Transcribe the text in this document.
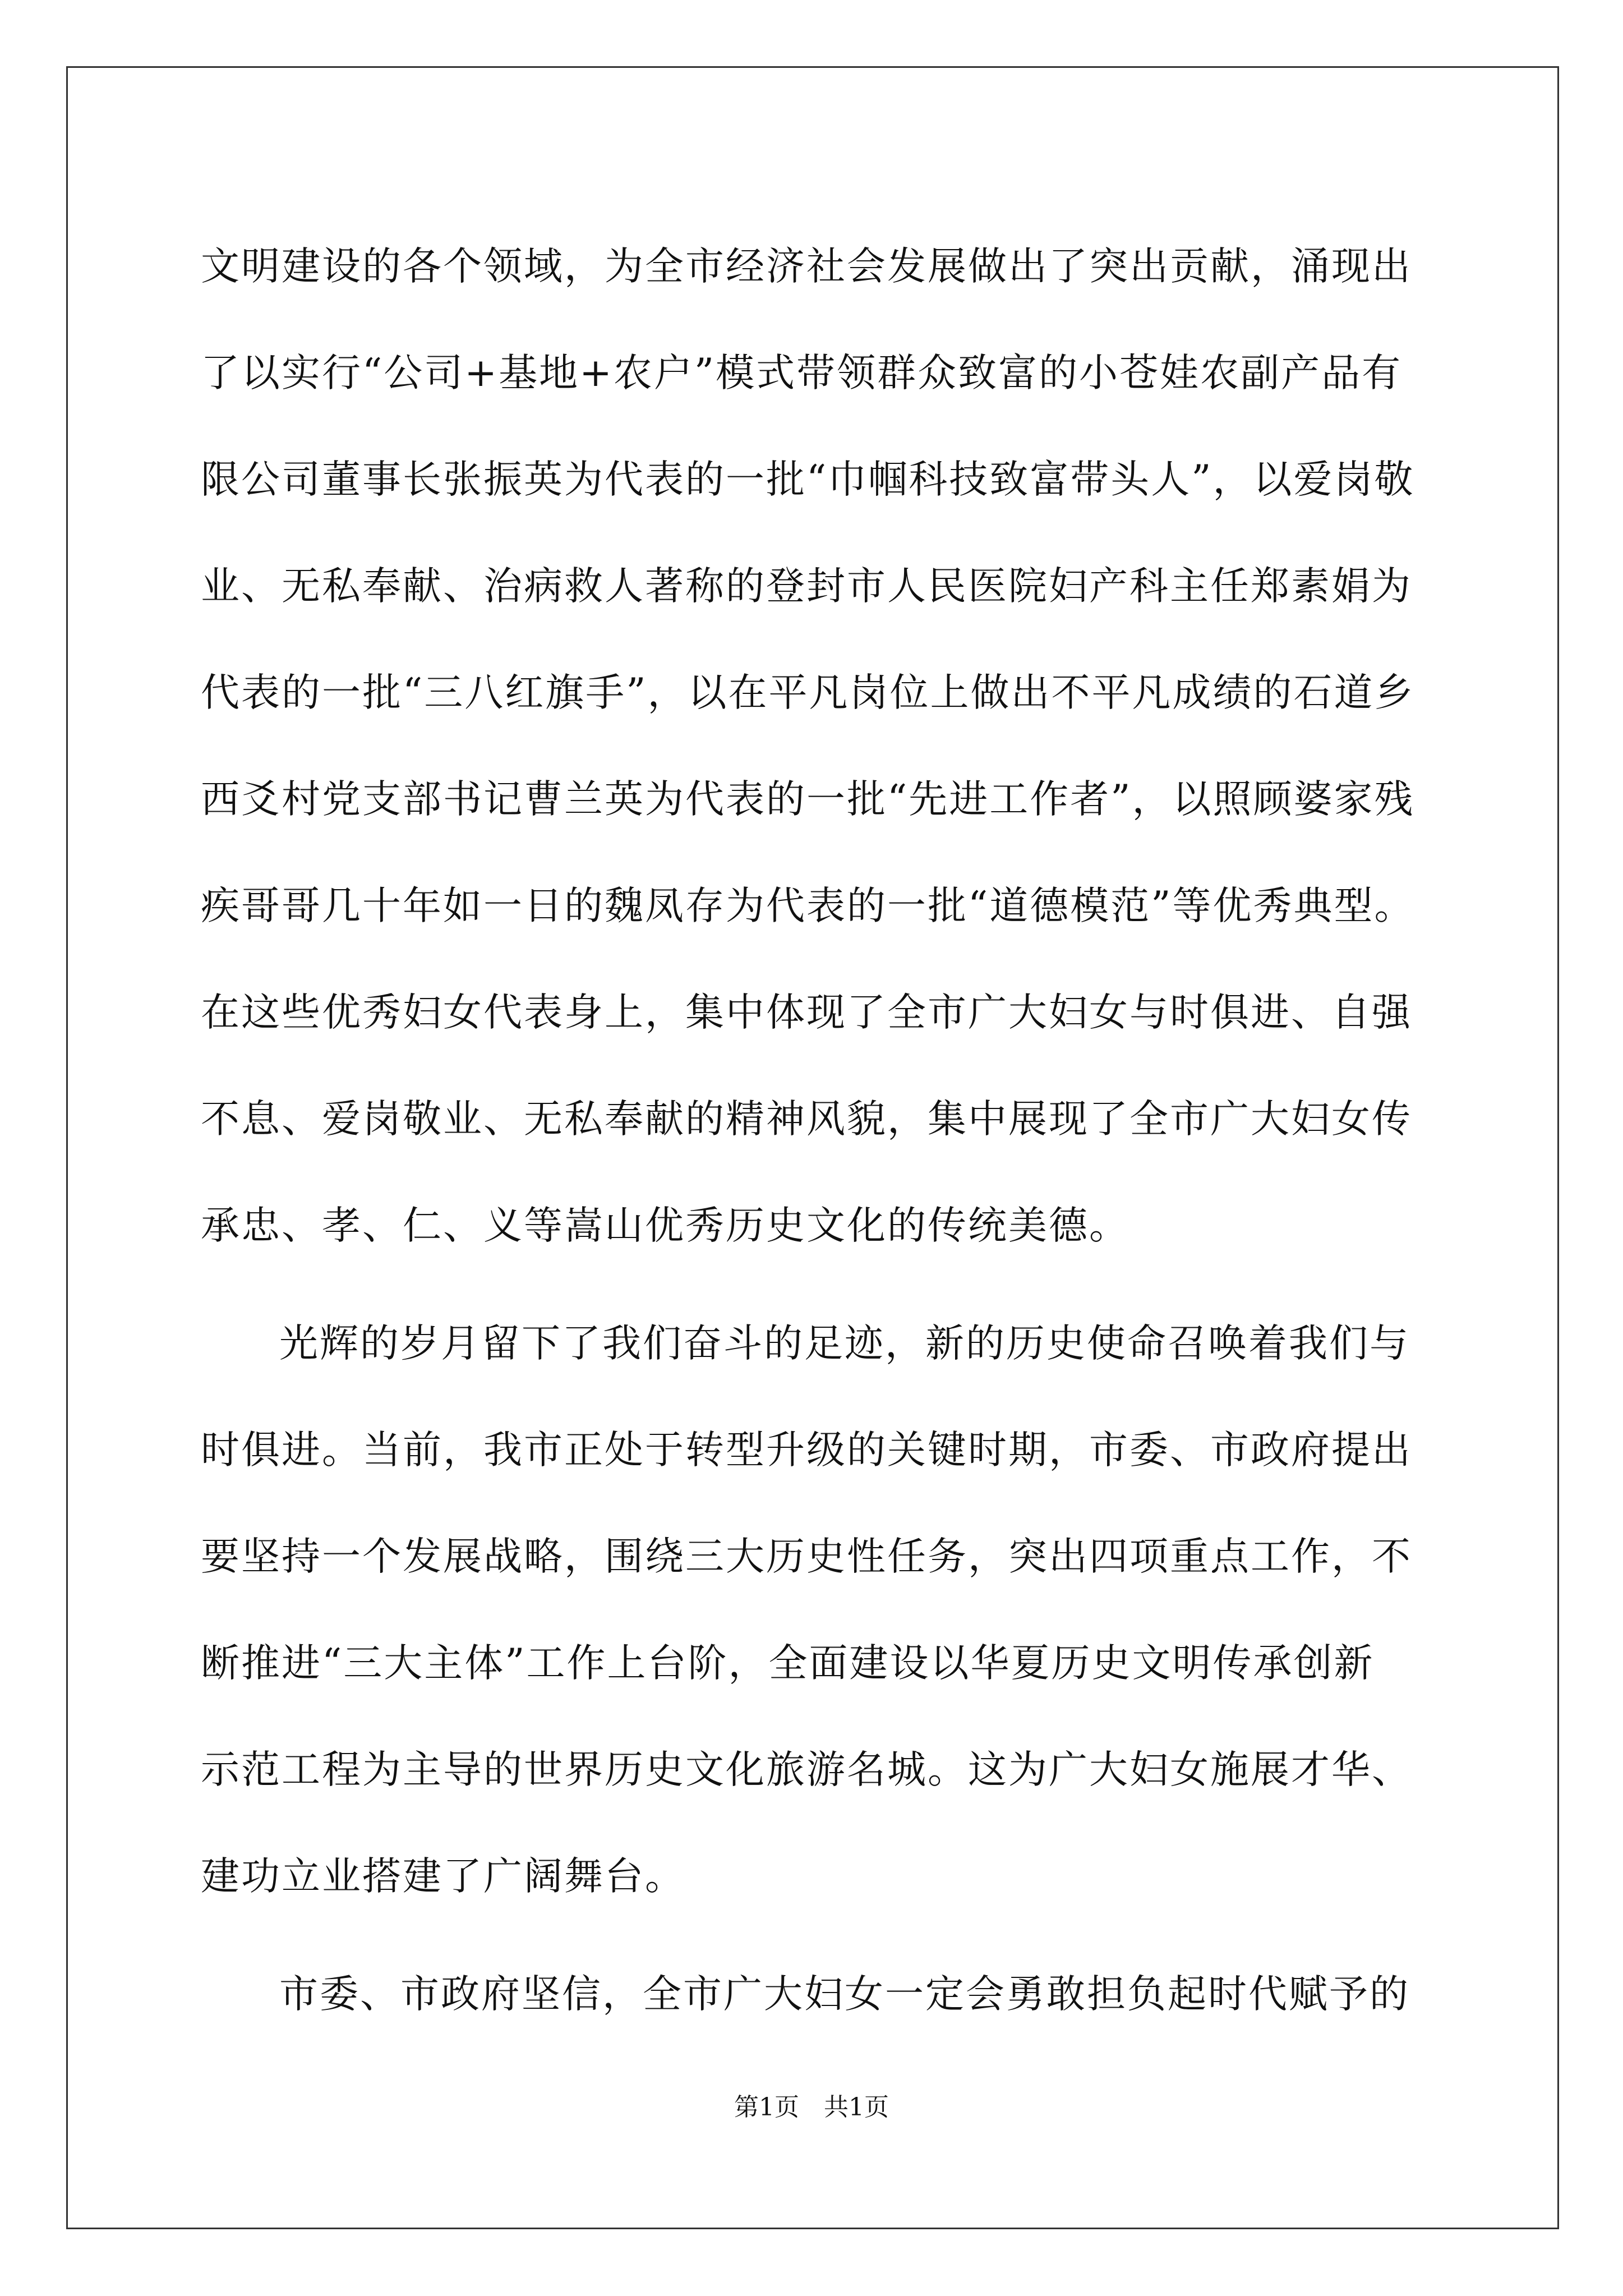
文明建设的各个领域，为全市经济社会发展做出了突出贡献，涌现出
了以实行“公司+基地+农户”模式带领群众致富的小苍娃农副产品有
限公司董事长张振英为代表的一批“巾帼科技致富带头人”，以爱岗敬
业、无私奉献、治病救人著称的登封市人民医院妇产科主任郑素娟为
代表的一批“三八红旗手”，以在平凡岗位上做出不平凡成绩的石道乡
西爻村党支部书记曹兰英为代表的一批“先进工作者”，以照顾婆家残
疾哥哥几十年如一日的魏凤存为代表的一批“道德模范”等优秀典型。
在这些优秀妇女代表身上，集中体现了全市广大妇女与时俱进、自强
不息、爱岗敬业、无私奉献的精神风貌，集中展现了全市广大妇女传
承忠、孝、仁、义等嵩山优秀历史文化的传统美德。
光辉的岁月留下了我们奋斗的足迹，新的历史使命召唤着我们与
时俱进。当前，我市正处于转型升级的关键时期，市委、市政府提出
要坚持一个发展战略，围绕三大历史性任务，突出四项重点工作，不
断推进“三大主体”工作上台阶，全面建设以华夏历史文明传承创新
示范工程为主导的世界历史文化旅游名城。这为广大妇女施展才华、
建功立业搭建了广阔舞台。
市委、市政府坚信，全市广大妇女一定会勇敢担负起时代赋予的
第1页　共1页
